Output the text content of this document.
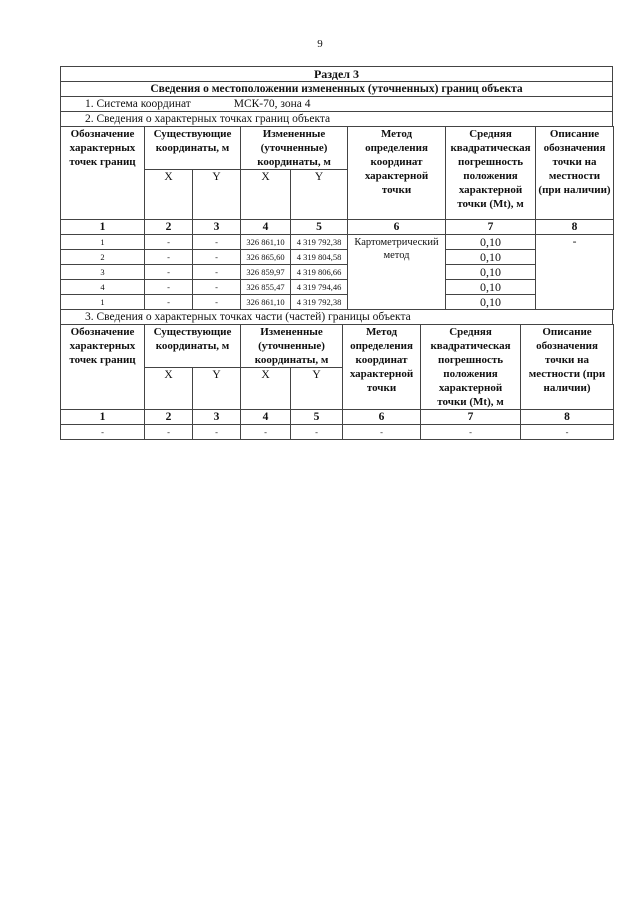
9
Раздел 3
Сведения о местоположении измененных (уточненных) границ объекта
1. Система координат	МСК-70, зона 4
2. Сведения о характерных точках границ объекта
Обозначение характерных точек границ	Существующие координаты, м		Измененные (уточненные) координаты, м		Метод определения координат характерной точки	Средняя квадратическая погрешность положения характерной точки (Mt), м	Описание обозначения точки на местности (при наличии)
	X	Y	X	Y			
1	2	3	4	5	6	7	8
1	-	-	326 861,10	4 319 792,38	Картометрический метод	0,10	-
2	-	-	326 865,60	4 319 804,58		0,10	
3	-	-	326 859,97	4 319 806,66		0,10	
4	-	-	326 855,47	4 319 794,46		0,10	
1	-	-	326 861,10	4 319 792,38		0,10	
3. Сведения о характерных точках части (частей) границы объекта
Обозначение характерных точек границ	Существующие координаты, м		Измененные (уточненные) координаты, м		Метод определения координат характерной точки	Средняя квадратическая погрешность положения характерной точки (Mt), м	Описание обозначения точки на местности (при наличии)
	X	Y	X	Y			
1	2	3	4	5	6	7	8
-	-	-	-	-	-	-	-
